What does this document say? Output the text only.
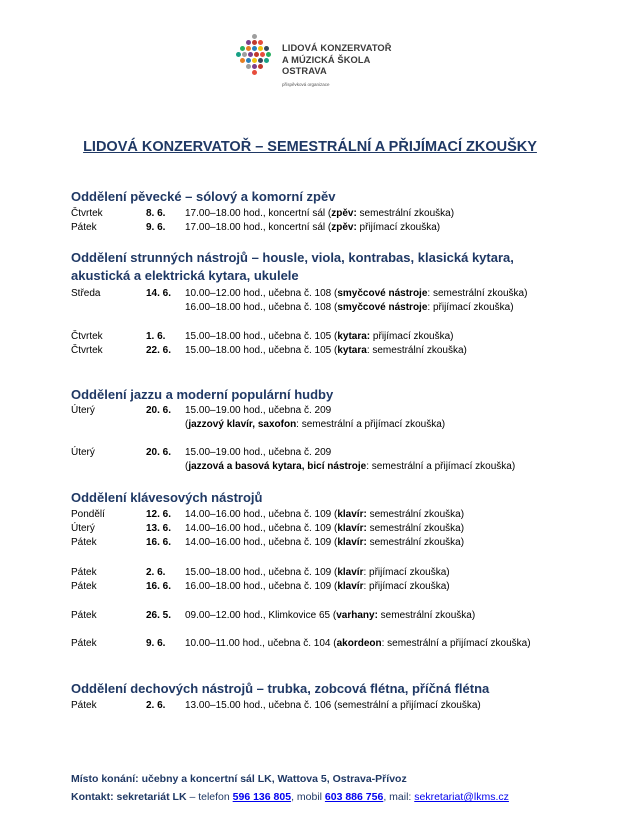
LIDOVÁ KONZERVATOŘ
A MÚZICKÁ ŠKOLA
OSTRAVA
příspěvková organizace
LIDOVÁ KONZERVATOŘ – SEMESTRÁLNÍ A PŘIJÍMACÍ ZKOUŠKY
Oddělení pěvecké – sólový a komorní zpěv
Oddělení strunných nástrojů – housle, viola, kontrabas, klasická kytara,
akustická a elektrická kytara, ukulele
Oddělení jazzu a moderní populární hudby
Oddělení klávesových nástrojů
Oddělení dechových nástrojů – trubka, zobcová flétna, příčná flétna
Čtvrtek	8. 6. 17.00–18.00 hod., koncertní sál (zpěv: semestrální zkouška)
Pátek	9. 6. 17.00–18.00 hod., koncertní sál (zpěv: přijímací zkouška)
Středa	14. 6. 10.00–12.00 hod., učebna č. 108 (smyčcové nástroje: semestrální zkouška)
16.00–18.00 hod., učebna č. 108 (smyčcové nástroje: přijímací zkouška)
Čtvrtek	1. 6. 15.00–18.00 hod., učebna č. 105 (kytara: přijímací zkouška)
Čtvrtek	22. 6. 15.00–18.00 hod., učebna č. 105 (kytara: semestrální zkouška)
Úterý	20. 6. 15.00–19.00 hod., učebna č. 209
(jazzový klavír, saxofon: semestrální a přijímací zkouška)
Úterý	20. 6. 15.00–19.00 hod., učebna č. 209
(jazzová a basová kytara, bicí nástroje: semestrální a přijímací zkouška)
Pondělí	12. 6. 14.00–16.00 hod., učebna č. 109 (klavír: semestrální zkouška)
Úterý	13. 6. 14.00–16.00 hod., učebna č. 109 (klavír: semestrální zkouška)
Pátek	16. 6. 14.00–16.00 hod., učebna č. 109 (klavír: semestrální zkouška)
Pátek	2. 6. 15.00–18.00 hod., učebna č. 109 (klavír: přijímací zkouška)
Pátek	16. 6. 16.00–18.00 hod., učebna č. 109 (klavír: přijímací zkouška)
Pátek	26. 5. 09.00–12.00 hod., Klimkovice 65 (varhany: semestrální zkouška)
Pátek	9. 6. 10.00–11.00 hod., učebna č. 104 (akordeon: semestrální a přijímací zkouška)
Pátek	2. 6. 13.00–15.00 hod., učebna č. 106 (semestrální a přijímací zkouška)
Místo konání: učebny a koncertní sál LK, Wattova 5, Ostrava-Přívoz
Kontakt: sekretariát LK – telefon 596 136 805, mobil 603 886 756, mail: sekretariat@lkms.cz
